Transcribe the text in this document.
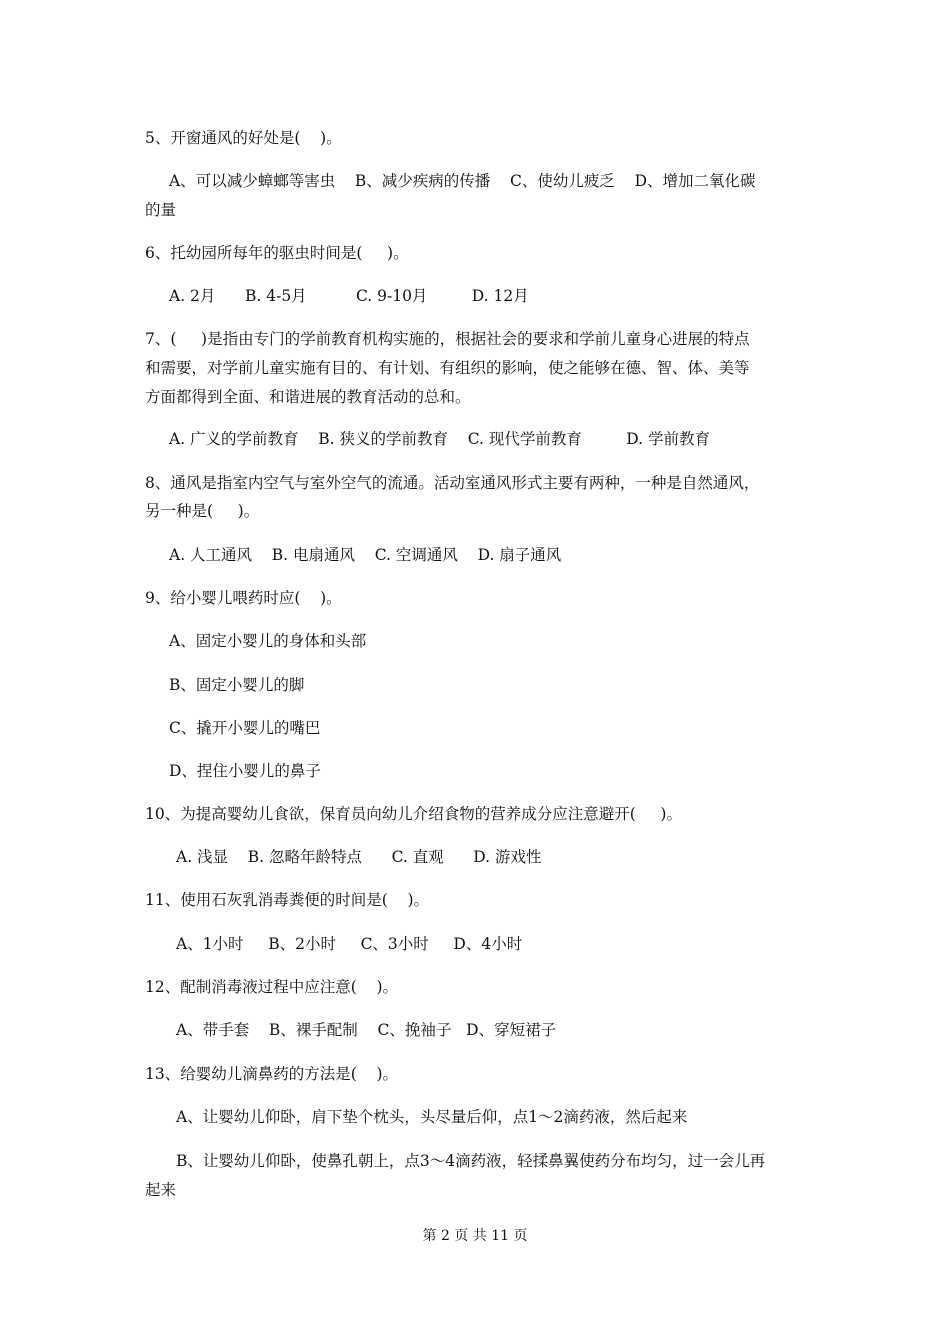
5、开窗通风的好处是(    )。
A、可以减少蟑螂等害虫    B、减少疾病的传播    C、使幼儿疲乏    D、增加二氧化碳
的量
6、托幼园所每年的驱虫时间是(     )。
A. 2月      B. 4-5月          C. 9-10月         D. 12月
7、(     )是指由专门的学前教育机构实施的，根据社会的要求和学前儿童身心进展的特点
和需要，对学前儿童实施有目的、有计划、有组织的影响，使之能够在德、智、体、美等
方面都得到全面、和谐进展的教育活动的总和。
A. 广义的学前教育    B. 狭义的学前教育    C. 现代学前教育         D. 学前教育
8、通风是指室内空气与室外空气的流通。活动室通风形式主要有两种，一种是自然通风，
另一种是(     )。
A. 人工通风    B. 电扇通风    C. 空调通风    D. 扇子通风
9、给小婴儿喂药时应(    )。
A、固定小婴儿的身体和头部
B、固定小婴儿的脚
C、撬开小婴儿的嘴巴
D、捏住小婴儿的鼻子
10、为提高婴幼儿食欲，保育员向幼儿介绍食物的营养成分应注意避开(     )。
A. 浅显    B. 忽略年龄特点      C. 直观      D. 游戏性
11、使用石灰乳消毒粪便的时间是(    )。
A、1小时     B、2小时     C、3小时     D、4小时
12、配制消毒液过程中应注意(    )。
A、带手套    B、裸手配制    C、挽袖子   D、穿短裙子
13、给婴幼儿滴鼻药的方法是(    )。
A、让婴幼儿仰卧，肩下垫个枕头，头尽量后仰，点1～2滴药液，然后起来
B、让婴幼儿仰卧，使鼻孔朝上，点3～4滴药液，轻揉鼻翼使药分布均匀，过一会儿再
起来
第 2 页 共 11 页
